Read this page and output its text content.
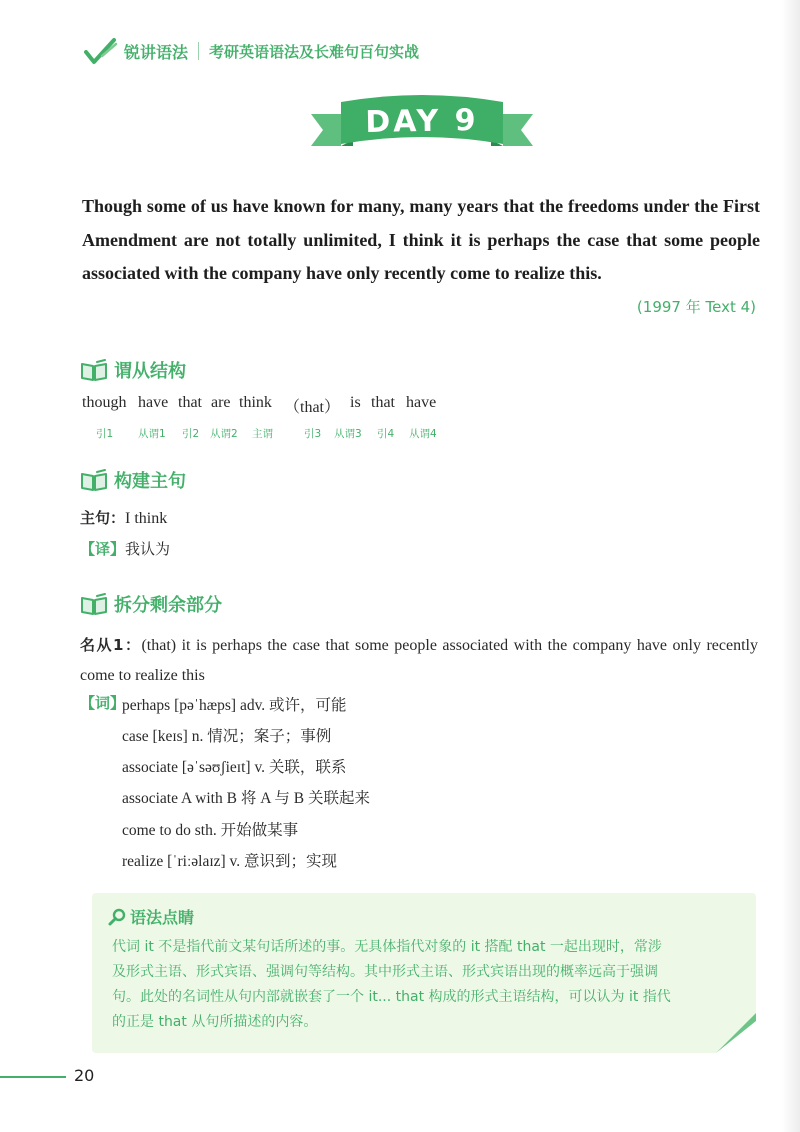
锐讲语法 考研英语语法及长难句百句实战
DAY 9
Though some of us have known for many, many years that the freedoms under the First Amendment are not totally unlimited, I think it is perhaps the case that some people associated with the company have only recently come to realize this.
(1997 年 Text 4)
谓从结构
though have that are think （that） is that have
引1 从谓1 引2 从谓2 主谓	引3 从谓3 引4 从谓4
构建主句
主句：I think
【译】我认为
拆分剩余部分
名从1：(that) it is perhaps the case that some people associated with the company have only recently come to realize this
【词】
perhaps [pəˈhæps] adv. 或许，可能
case [keɪs] n. 情况；案子；事例
associate [əˈsəʊʃieɪt] v. 关联，联系
associate A with B 将 A 与 B 关联起来
come to do sth. 开始做某事
realize [ˈriːəlaɪz] v. 意识到；实现
语法点睛
代词 it 不是指代前文某句话所述的事。无具体指代对象的 it 搭配 that 一起出现时，常涉
及形式主语、形式宾语、强调句等结构。其中形式主语、形式宾语出现的概率远高于强调
句。此处的名词性从句内部就嵌套了一个 it... that 构成的形式主语结构，可以认为 it 指代
的正是 that 从句所描述的内容。
20
